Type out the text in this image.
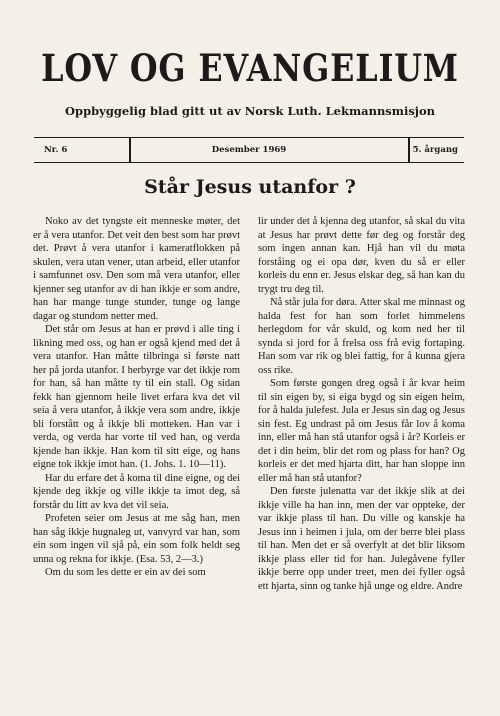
LOV OG EVANGELIUM
Oppbyggelig blad gitt ut av Norsk Luth. Lekmannsmisjon
Nr. 6	Desember 1969	5. årgang
Står Jesus utanfor ?

Noko av det tyngste eit menneske møter, det er å vera utanfor. Det veit den best som har prøvt det. Prøvt å vera utanfor i kameratflokken på skulen, vera utan vener, utan arbeid, eller utanfor i samfunnet osv. Den som må vera utanfor, eller kjenner seg utanfor av di han ikkje er som andre, han har mange tunge stunder, tunge og lange dagar og stundom netter med.

Det står om Jesus at han er prøvd i alle ting i likning med oss, og han er også kjend med det å vera utanfor. Han måtte tilbringa si første natt her på jorda utanfor. I herbyrge var det ikkje rom for han, så han måtte ty til ein stall. Og sidan fekk han gjennom heile livet erfara kva det vil seia å vera utanfor, å ikkje vera som andre, ikkje bli forstått og å ikkje bli motteken. Han var i verda, og verda har vorte til ved han, og verda kjende han ikkje. Han kom til sitt eige, og hans eigne tok ikkje imot han. (1. Johs. 1. 10—11).

Har du erfare det å koma til dine eigne, og dei kjende deg ikkje og ville ikkje ta imot deg, så forstår du litt av kva det vil seia.

Profeten seier om Jesus at me såg han, men han såg ikkje hugnaleg ut, vanvyrd var han, som ein som ingen vil sjå på, ein som folk heldt seg unna og rekna for ikkje. (Esa. 53, 2—3.)

Om du som les dette er ein av dei som

lir under det å kjenna deg utanfor, så skal du vita at Jesus har prøvt dette før deg og forstår deg som ingen annan kan. Hjå han vil du møta forståing og ei opa dør, kven du så er eller korleis du enn er. Jesus elskar deg, så han kan du trygt tru deg til.

Nå står jula for døra. Atter skal me minnast og halda fest for han som forlet himmelens herlegdom for vår skuld, og kom ned her til synda si jord for å frelsa oss frå evig fortaping. Han som var rik og blei fattig, for å kunna gjera oss rike.

Som første gongen dreg også i år kvar heim til sin eigen by, si eiga bygd og sin eigen heim, for å halda julefest. Jula er Jesus sin dag og Jesus sin fest. Eg undrast på om Jesus får lov å koma inn, eller må han stå utanfor også i år? Korleis er det i din heim, blir det rom og plass for han? Og korleis er det med hjarta ditt, har han sloppe inn eller må han stå utanfor?

Den første julenatta var det ikkje slik at dei ikkje ville ha han inn, men der var oppteke, der var ikkje plass til han. Du ville og kanskje ha Jesus inn i heimen i jula, om der berre blei plass til han. Men det er så overfylt at det blir liksom ikkje plass eller tid for han. Julegåvene fyller ikkje berre opp under treet, men dei fyller også ett hjarta, sinn og tanke hjå unge og eldre. Andre
